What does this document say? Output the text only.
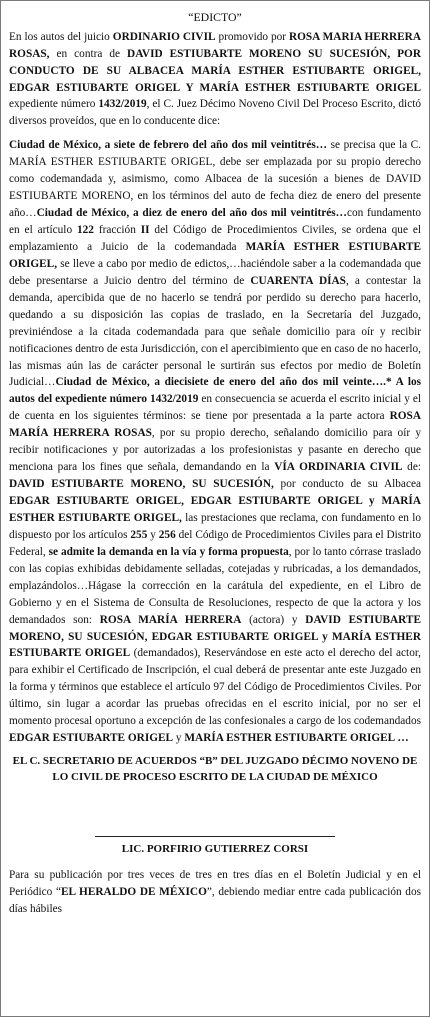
“EDICTO”

En los autos del juicio ORDINARIO CIVIL promovido por ROSA MARIA HERRERA ROSAS, en contra de DAVID ESTIUBARTE MORENO SU SUCESIÓN, POR CONDUCTO DE SU ALBACEA MARÍA ESTHER ESTIUBARTE ORIGEL, EDGAR ESTIUBARTE ORIGEL Y MARÍA ESTHER ESTIUBARTE ORIGEL expediente número 1432/2019, el C. Juez Décimo Noveno Civil Del Proceso Escrito, dictó diversos proveídos, que en lo conducente dice:

Ciudad de México, a siete de febrero del año dos mil veintitrés… se precisa que la C. MARÍA ESTHER ESTIUBARTE ORIGEL, debe ser emplazada por su propio derecho como codemandada y, asimismo, como Albacea de la sucesión a bienes de DAVID ESTIUBARTE MORENO, en los términos del auto de fecha diez de enero del presente año…Ciudad de México, a diez de enero del año dos mil veintitrés…con fundamento en el artículo 122 fracción II del Código de Procedimientos Civiles, se ordena que el emplazamiento a Juicio de la codemandada MARÍA ESTHER ESTIUBARTE ORIGEL, se lleve a cabo por medio de edictos,…haciéndole saber a la codemandada que debe presentarse a Juicio dentro del término de CUARENTA DÍAS, a contestar la demanda, apercibida que de no hacerlo se tendrá por perdido su derecho para hacerlo, quedando a su disposición las copias de traslado, en la Secretaría del Juzgado, previniéndose a la citada codemandada para que señale domicilio para oír y recibir notificaciones dentro de esta Jurisdicción, con el apercibimiento que en caso de no hacerlo, las mismas aún las de carácter personal le surtirán sus efectos por medio de Boletín Judicial…Ciudad de México, a diecisiete de enero del año dos mil veinte….* A los autos del expediente número 1432/2019 en consecuencia se acuerda el escrito inicial y el de cuenta en los siguientes términos: se tiene por presentada a la parte actora ROSA MARÍA HERRERA ROSAS, por su propio derecho, señalando domicilio para oír y recibir notificaciones y por autorizadas a los profesionistas y pasante en derecho que menciona para los fines que señala, demandando en la VÍA ORDINARIA CIVIL de: DAVID ESTIUBARTE MORENO, SU SUCESIÓN, por conducto de su Albacea EDGAR ESTIUBARTE ORIGEL, EDGAR ESTIUBARTE ORIGEL y MARÍA ESTHER ESTIUBARTE ORIGEL, las prestaciones que reclama, con fundamento en lo dispuesto por los artículos 255 y 256 del Código de Procedimientos Civiles para el Distrito Federal, se admite la demanda en la vía y forma propuesta, por lo tanto córrase traslado con las copias exhibidas debidamente selladas, cotejadas y rubricadas, a los demandados, emplazándolos…Hágase la corrección en la carátula del expediente, en el Libro de Gobierno y en el Sistema de Consulta de Resoluciones, respecto de que la actora y los demandados son: ROSA MARÍA HERRERA (actora) y DAVID ESTIUBARTE MORENO, SU SUCESIÓN, EDGAR ESTIUBARTE ORIGEL y MARÍA ESTHER ESTIUBARTE ORIGEL (demandados), Reservándose en este acto el derecho del actor, para exhibir el Certificado de Inscripción, el cual deberá de presentar ante este Juzgado en la forma y términos que establece el artículo 97 del Código de Procedimientos Civiles. Por último, sin lugar a acordar las pruebas ofrecidas en el escrito inicial, por no ser el momento procesal oportuno a excepción de las confesionales a cargo de los codemandados EDGAR ESTIUBARTE ORIGEL y MARÍA ESTHER ESTIUBARTE ORIGEL …

EL C. SECRETARIO DE ACUERDOS “B” DEL JUZGADO DÉCIMO NOVENO DE LO CIVIL DE PROCESO ESCRITO DE LA CIUDAD DE MÉXICO

LIC. PORFIRIO GUTIERREZ CORSI

Para su publicación por tres veces de tres en tres días en el Boletín Judicial y en el Periódico “EL HERALDO DE MÉXICO”, debiendo mediar entre cada publicación dos días hábiles
